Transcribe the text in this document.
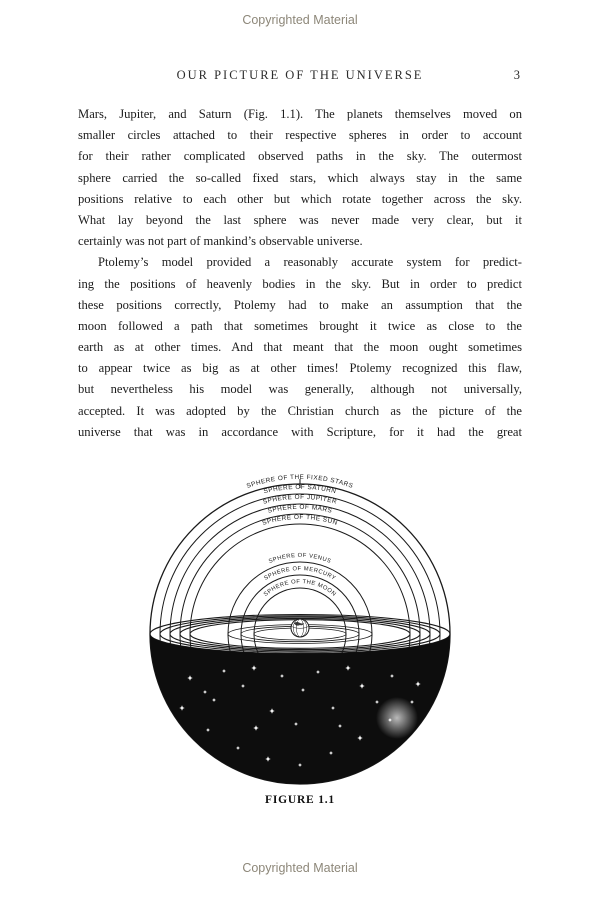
Copyrighted Material
OUR PICTURE OF THE UNIVERSE	3
Mars, Jupiter, and Saturn (Fig. 1.1). The planets themselves moved on
smaller circles attached to their respective spheres in order to account
for their rather complicated observed paths in the sky. The outermost
sphere carried the so-called fixed stars, which always stay in the same
positions relative to each other but which rotate together across the sky.
What lay beyond the last sphere was never made very clear, but it
certainly was not part of mankind’s observable universe.
Ptolemy’s model provided a reasonably accurate system for predict-
ing the positions of heavenly bodies in the sky. But in order to predict
these positions correctly, Ptolemy had to make an assumption that the
moon followed a path that sometimes brought it twice as close to the
earth as at other times. And that meant that the moon ought sometimes
to appear twice as big as at other times! Ptolemy recognized this flaw,
but nevertheless his model was generally, although not universally,
accepted. It was adopted by the Christian church as the picture of the
universe that was in accordance with Scripture, for it had the great
SPHERE OF THE FIXED STARS
SPHERE OF SATURN
SPHERE OF JUPITER
SPHERE OF MARS
SPHERE OF THE SUN
SPHERE OF VENUS
SPHERE OF MERCURY
SPHERE OF THE MOON
FIGURE 1.1
Copyrighted Material
